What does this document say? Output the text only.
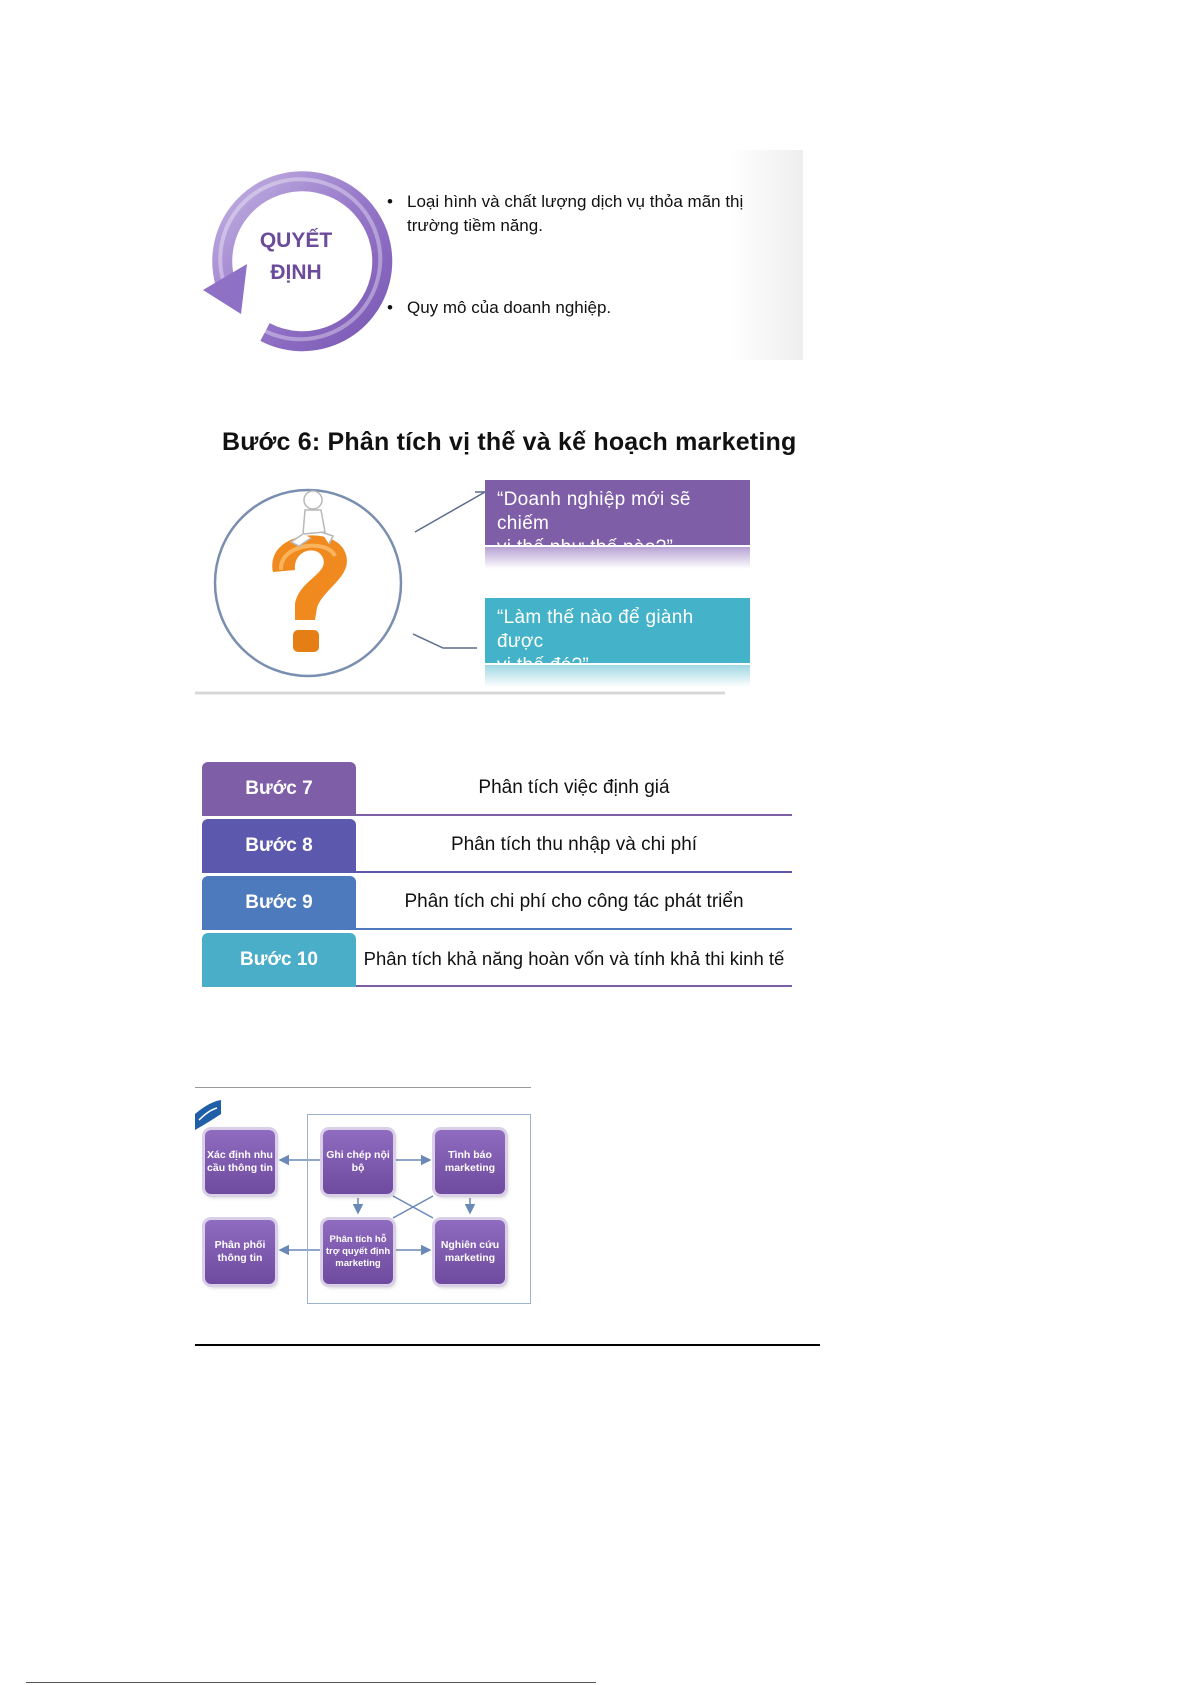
QUYẾT
ĐỊNH
• Loại hình và chất lượng dịch vụ thỏa mãn thị trường tiềm năng.
• Quy mô của doanh nghiệp.
Bước 6: Phân tích vị thế và kế hoạch marketing
“Doanh nghiệp mới sẽ chiếm
“Làm thế nào để giành được
Bước 7	Phân tích việc định giá
Bước 8	Phân tích thu nhập và chi phí
Bước 9	Phân tích chi phí cho công tác phát triển
Bước 10	Phân tích khả năng hoàn vốn và tính khả thi kinh tế
Xác định nhu cầu thông tin
Phân phối thông tin
Ghi chép nội bộ
Tình báo marketing
Phân tích hỗ trợ quyết định marketing
Nghiên cứu marketing
